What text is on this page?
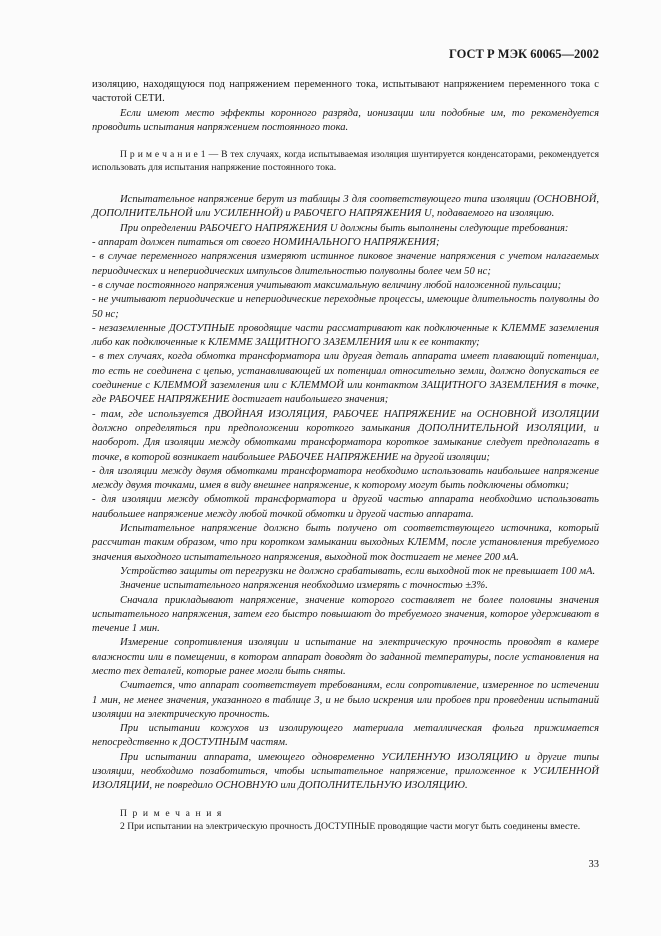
ГОСТ Р МЭК 60065—2002

изоляцию, находящуюся под напряжением переменного тока, испытывают напряжением переменного тока с частотой СЕТИ.

Если имеют место эффекты коронного разряда, ионизации или подобные им, то рекомендуется проводить испытания напряжением постоянного тока.

П р и м е ч а н и е 1 — В тех случаях, когда испытываемая изоляция шунтируется конденсаторами, рекомендуется использовать для испытания напряжение постоянного тока.

Испытательное напряжение берут из таблицы 3 для соответствующего типа изоляции (ОСНОВНОЙ, ДОПОЛНИТЕЛЬНОЙ или УСИЛЕННОЙ) и РАБОЧЕГО НАПРЯЖЕНИЯ U, подаваемого на изоляцию.

При определении РАБОЧЕГО НАПРЯЖЕНИЯ U должны быть выполнены следующие требования:

- аппарат должен питаться от своего НОМИНАЛЬНОГО НАПРЯЖЕНИЯ;

- в случае переменного напряжения измеряют истинное пиковое значение напряжения с учетом налагаемых периодических и непериодических импульсов длительностью полуволны более чем 50 нс;

- в случае постоянного напряжения учитывают максимальную величину любой наложенной пульсации;

- не учитывают периодические и непериодические переходные процессы, имеющие длительность полуволны до 50 нс;

- незаземленные ДОСТУПНЫЕ проводящие части рассматривают как подключенные к КЛЕММЕ заземления либо как подключенные к КЛЕММЕ ЗАЩИТНОГО ЗАЗЕМЛЕНИЯ или к ее контакту;

- в тех случаях, когда обмотка трансформатора или другая деталь аппарата имеет плавающий потенциал, то есть не соединена с цепью, устанавливающей их потенциал относительно земли, должно допускаться ее соединение с КЛЕММОЙ заземления или с КЛЕММОЙ или контактом ЗАЩИТНОГО ЗАЗЕМЛЕНИЯ в точке, где РАБОЧЕЕ НАПРЯЖЕНИЕ достигает наибольшего значения;

- там, где используется ДВОЙНАЯ ИЗОЛЯЦИЯ, РАБОЧЕЕ НАПРЯЖЕНИЕ на ОСНОВНОЙ ИЗОЛЯЦИИ должно определяться при предположении короткого замыкания ДОПОЛНИТЕЛЬНОЙ ИЗОЛЯЦИИ, и наоборот. Для изоляции между обмотками трансформатора короткое замыкание следует предполагать в точке, в которой возникает наибольшее РАБОЧЕЕ НАПРЯЖЕНИЕ на другой изоляции;

- для изоляции между двумя обмотками трансформатора необходимо использовать наибольшее напряжение между двумя точками, имея в виду внешнее напряжение, к которому могут быть подключены обмотки;

- для изоляции между обмоткой трансформатора и другой частью аппарата необходимо использовать наибольшее напряжение между любой точкой обмотки и другой частью аппарата.

Испытательное напряжение должно быть получено от соответствующего источника, который рассчитан таким образом, что при коротком замыкании выходных КЛЕММ, после установления требуемого значения выходного испытательного напряжения, выходной ток достигает не менее 200 мА.

Устройство защиты от перегрузки не должно срабатывать, если выходной ток не превышает 100 мА.

Значение испытательного напряжения необходимо измерять с точностью ±3%.

Сначала прикладывают напряжение, значение которого составляет не более половины значения испытательного напряжения, затем его быстро повышают до требуемого значения, которое удерживают в течение 1 мин.

Измерение сопротивления изоляции и испытание на электрическую прочность проводят в камере влажности или в помещении, в котором аппарат доводят до заданной температуры, после установления на место тех деталей, которые ранее могли быть сняты.

Считается, что аппарат соответствует требованиям, если сопротивление, измеренное по истечении 1 мин, не менее значения, указанного в таблице 3, и не было искрения или пробоев при проведении испытаний изоляции на электрическую прочность.

При испытании кожухов из изолирующего материала металлическая фольга прижимается непосредственно к ДОСТУПНЫМ частям.

При испытании аппарата, имеющего одновременно УСИЛЕННУЮ ИЗОЛЯЦИЮ и другие типы изоляции, необходимо позаботиться, чтобы испытательное напряжение, приложенное к УСИЛЕННОЙ ИЗОЛЯЦИИ, не повредило ОСНОВНУЮ или ДОПОЛНИТЕЛЬНУЮ ИЗОЛЯЦИЮ.

П р и м е ч а н и я

2 При испытании на электрическую прочность ДОСТУПНЫЕ проводящие части могут быть соединены вместе.

33
